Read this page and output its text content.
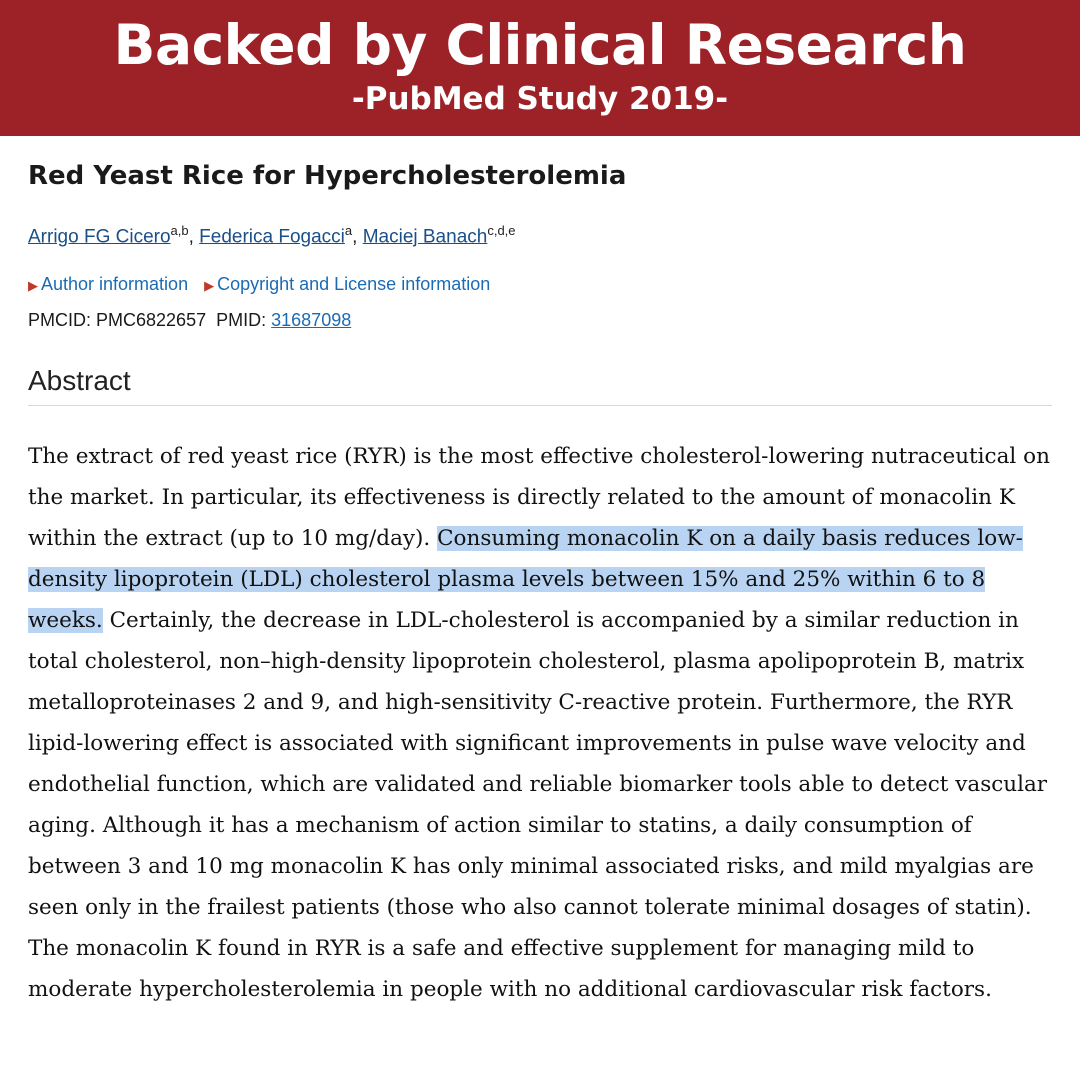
Backed by Clinical Research
-PubMed Study 2019-
Red Yeast Rice for Hypercholesterolemia
Arrigo FG Cicero$^{a,b}$, Federica Fogacci$^a$, Maciej Banach$^{c,d,e}$
▶ Author information ▶ Copyright and License information
PMCID: PMC6822657 PMID: 31687098
Abstract

The extract of red yeast rice (RYR) is the most effective cholesterol-lowering nutraceutical on the market. In particular, its effectiveness is directly related to the amount of monacolin K within the extract (up to 10 mg/day). Consuming monacolin K on a daily basis reduces low-density lipoprotein (LDL) cholesterol plasma levels between 15% and 25% within 6 to 8 weeks. Certainly, the decrease in LDL-cholesterol is accompanied by a similar reduction in total cholesterol, non–high-density lipoprotein cholesterol, plasma apolipoprotein B, matrix metalloproteinases 2 and 9, and high-sensitivity C-reactive protein. Furthermore, the RYR lipid-lowering effect is associated with significant improvements in pulse wave velocity and endothelial function, which are validated and reliable biomarker tools able to detect vascular aging. Although it has a mechanism of action similar to statins, a daily consumption of between 3 and 10 mg monacolin K has only minimal associated risks, and mild myalgias are seen only in the frailest patients (those who also cannot tolerate minimal dosages of statin). The monacolin K found in RYR is a safe and effective supplement for managing mild to moderate hypercholesterolemia in people with no additional cardiovascular risk factors.
